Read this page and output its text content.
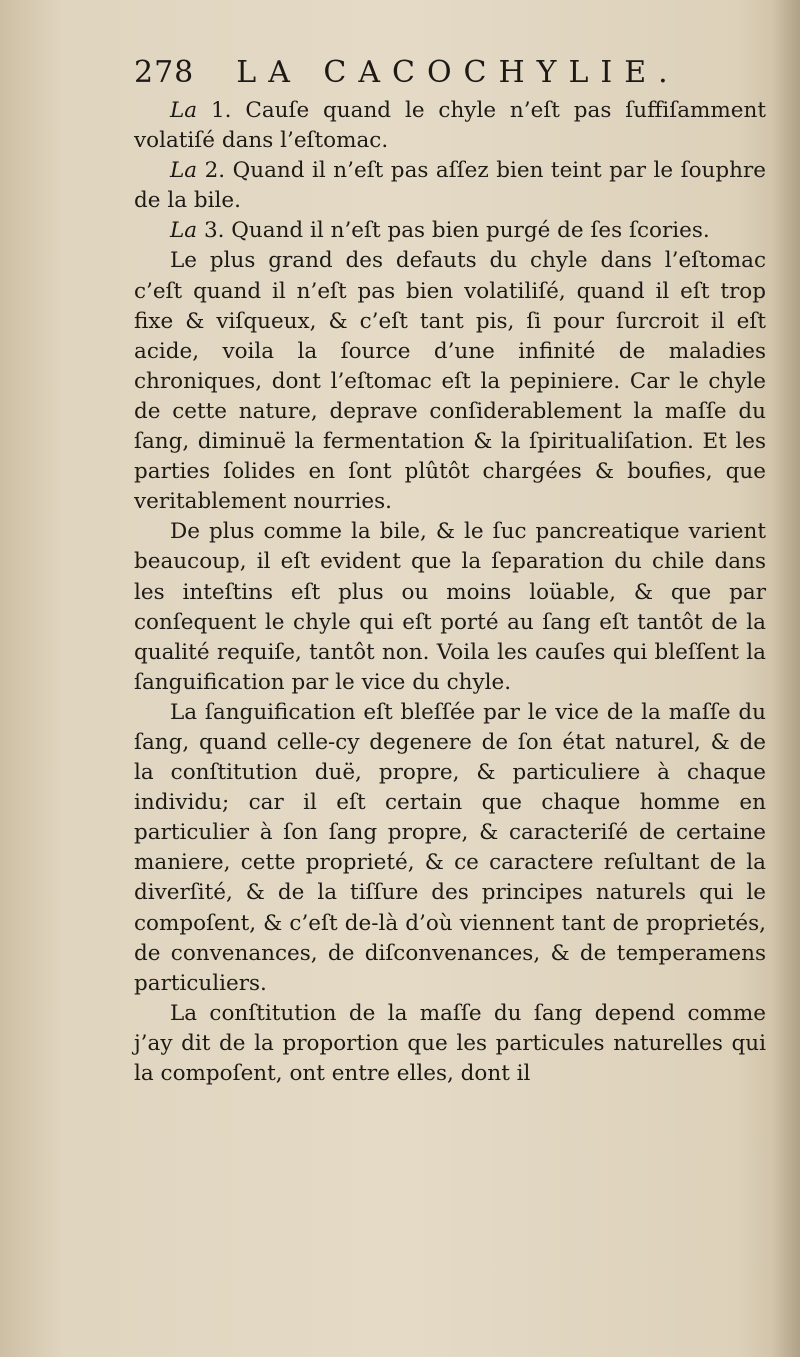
278 LA CACOCHYLIE.

La 1. Cauſe quand le chyle n’eſt pas ſuffiſamment volatiſé dans l’eſtomac.

La 2. Quand il n’eſt pas aſſez bien teint par le ſouphre de la bile.

La 3. Quand il n’eſt pas bien purgé de ſes ſcories.

Le plus grand des defauts du chyle dans l’eſtomac c’eſt quand il n’eſt pas bien volatiliſé, quand il eſt trop fixe & viſqueux, & c’eſt tant pis, ſi pour ſurcroit il eſt acide, voila la ſource d’une infinité de maladies chroniques, dont l’eſtomac eſt la pepiniere. Car le chyle de cette nature, deprave conſiderablement la maſſe du ſang, diminuë la fermentation & la ſpiritualiſation. Et les parties ſolides en ſont plûtôt chargées & boufies, que veritablement nourries.

De plus comme la bile, & le ſuc pancreatique varient beaucoup, il eſt evident que la ſeparation du chile dans les inteſtins eſt plus ou moins loüable, & que par conſequent le chyle qui eſt porté au ſang eſt tantôt de la qualité requiſe, tantôt non. Voila les cauſes qui bleſſent la ſanguification par le vice du chyle.

La ſanguification eſt bleſſée par le vice de la maſſe du ſang, quand celle-cy degenere de ſon état naturel, & de la conſtitution duë, propre, & particuliere à chaque individu; car il eſt certain que chaque homme en particulier à ſon ſang propre, & caracteriſé de certaine maniere, cette proprieté, & ce caractere reſultant de la diverſité, & de la tiſſure des principes naturels qui le compoſent, & c’eſt de-là d’où viennent tant de proprietés, de convenances, de diſconvenances, & de temperamens particuliers.

La conſtitution de la maſſe du ſang depend comme j’ay dit de la proportion que les particules naturelles qui la compoſent, ont entre elles, dont il
